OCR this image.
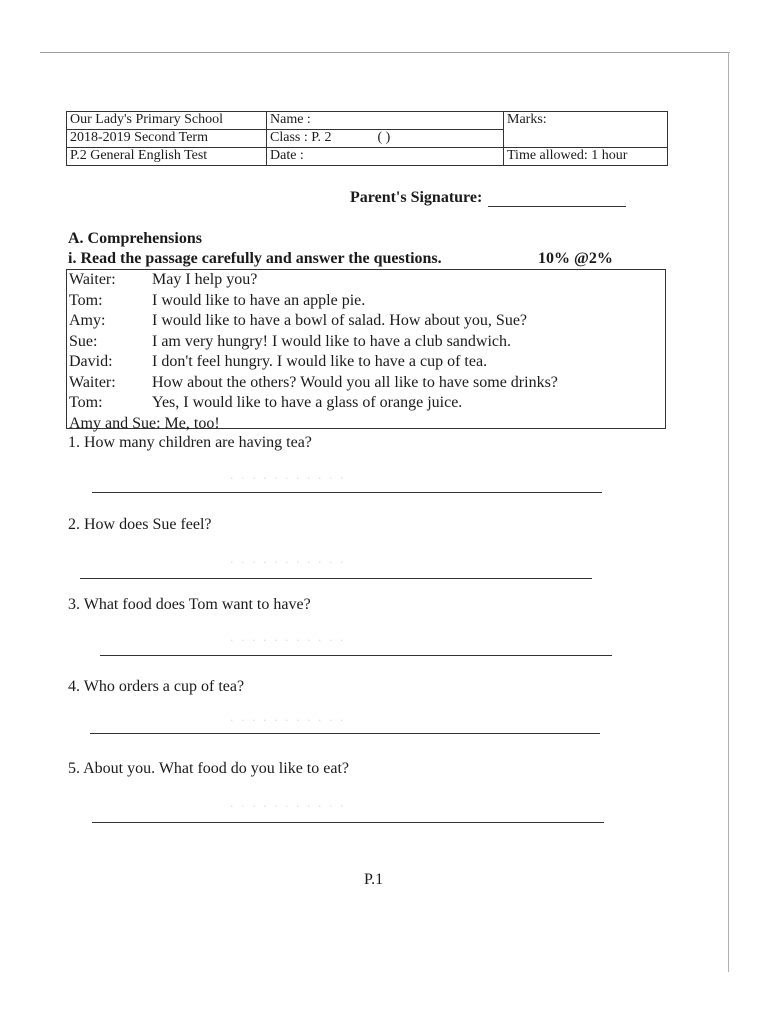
Our Lady's Primary School	Name :	Marks:
2018-2019 Second Term	Class : P. 2 ( )	
P.2 General English Test	Date :	Time allowed: 1 hour
Parent's Signature:
A. Comprehensions
i. Read the passage carefully and answer the questions.	10% @2%
Waiter: May I help you?
Tom:	I would like to have an apple pie.
Amy:	I would like to have a bowl of salad. How about you, Sue?
Sue:	I am very hungry! I would like to have a club sandwich.
David: I don't feel hungry. I would like to have a cup of tea.
Waiter: How about the others? Would you all like to have some drinks?
Tom:	Yes, I would like to have a glass of orange juice.
Amy and Sue: Me, too!
1. How many children are having tea?
· · · · · · · · · · ·
2. How does Sue feel?
· · · · · · · · · · ·
3. What food does Tom want to have?
· · · · · · · · · · ·
4. Who orders a cup of tea?
· · · · · · · · · · ·
5. About you. What food do you like to eat?
· · · · · · · · · · ·
P.1
